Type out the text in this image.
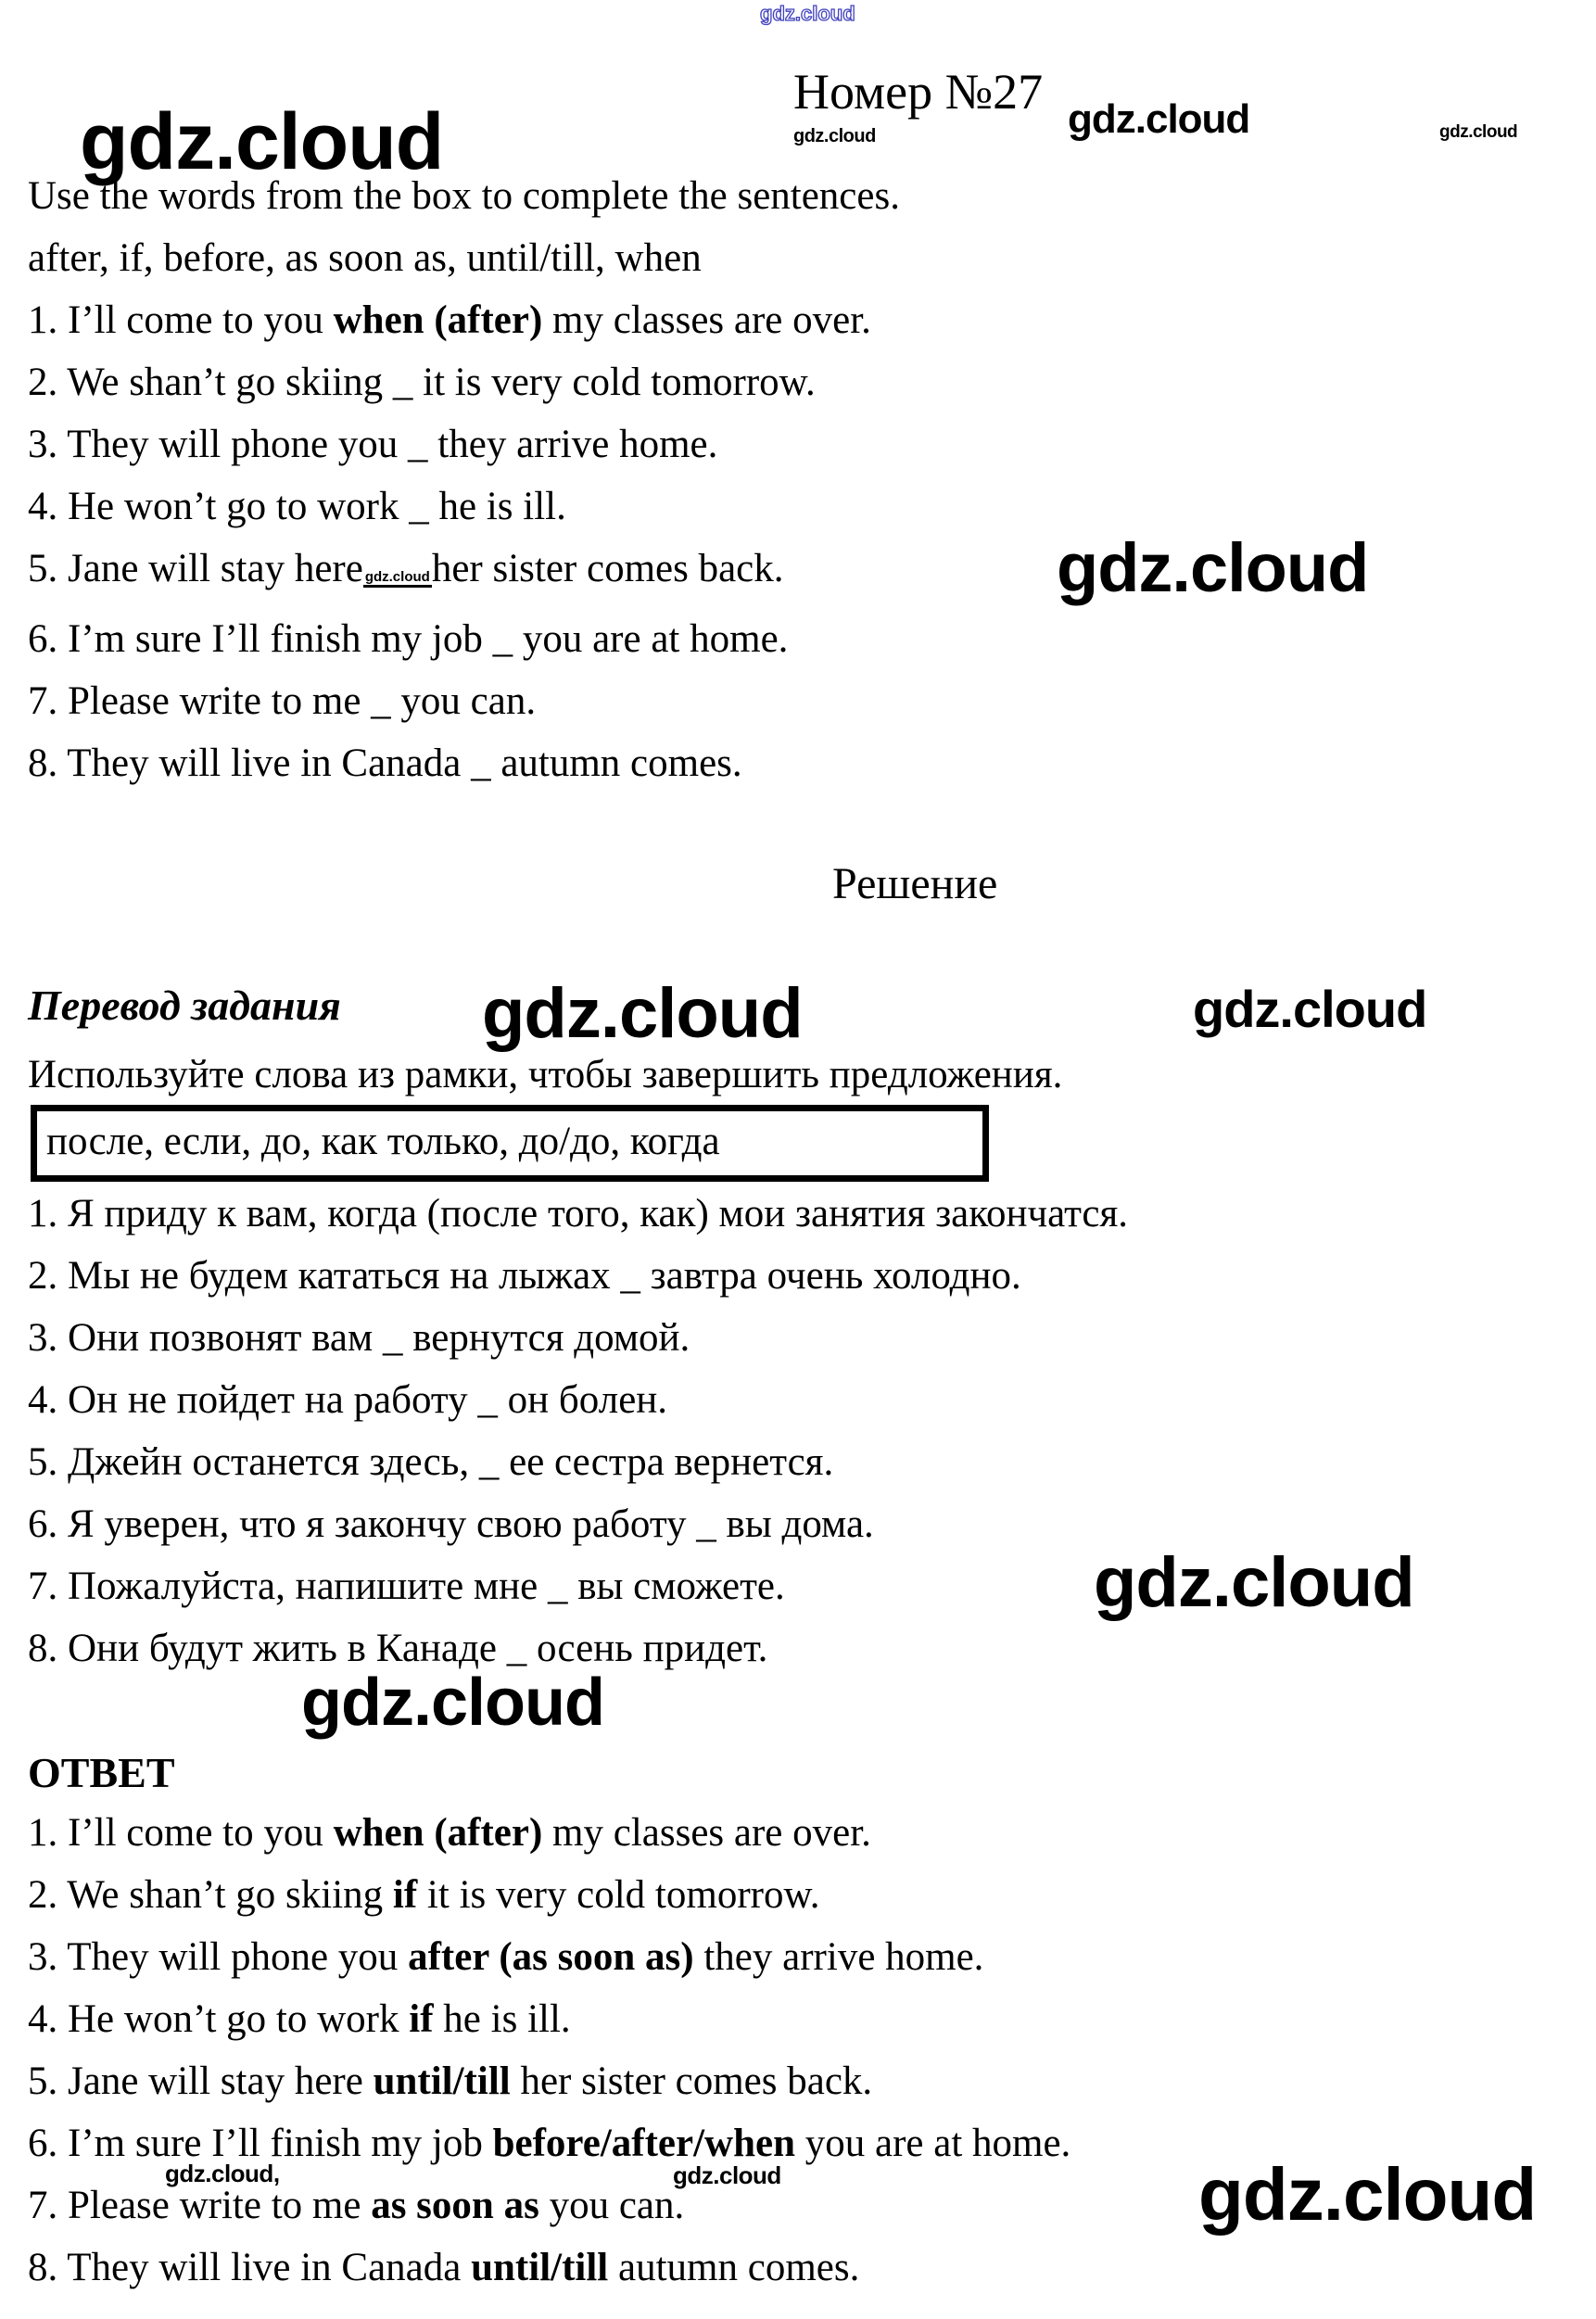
gdz.cloud
gdz.cloud	gdz.cloud
gdz.cloud	gdz.cloud
gdz.cloud
gdz.cloud	gdz.cloud
gdz.cloud
gdz.cloud
gdz.cloud,	gdz.cloud	gdz.cloud
Номер №27

Use the words from the box to complete the sentences.

after, if, before, as soon as, until/till, when

1. I’ll come to you when (after) my classes are over.

2. We shan’t go skiing _ it is very cold tomorrow.

3. They will phone you _ they arrive home.

4. He won’t go to work _ he is ill.

5. Jane will stay here gdz.cloudher sister comes back.

6. I’m sure I’ll finish my job _ you are at home.

7. Please write to me _ you can.

8. They will live in Canada _ autumn comes.

Решение
Перевод задания
Используйте слова из рамки, чтобы завершить предложения.
после, если, до, как только, до/до, когда

1. Я приду к вам, когда (после того, как) мои занятия закончатся.

2. Мы не будем кататься на лыжах _ завтра очень холодно.

3. Они позвонят вам _ вернутся домой.

4. Он не пойдет на работу _ он болен.

5. Джейн останется здесь, _ ее сестра вернется.

6. Я уверен, что я закончу свою работу _ вы дома.

7. Пожалуйста, напишите мне _ вы сможете.

8. Они будут жить в Канаде _ осень придет.

ОТВЕТ

1. I’ll come to you when (after) my classes are over.

2. We shan’t go skiing if it is very cold tomorrow.

3. They will phone you after (as soon as) they arrive home.

4. He won’t go to work if he is ill.

5. Jane will stay here until/till her sister comes back.

6. I’m sure I’ll finish my job before/after/when you are at home.

7. Please write to me as soon as you can.

8. They will live in Canada until/till autumn comes.
